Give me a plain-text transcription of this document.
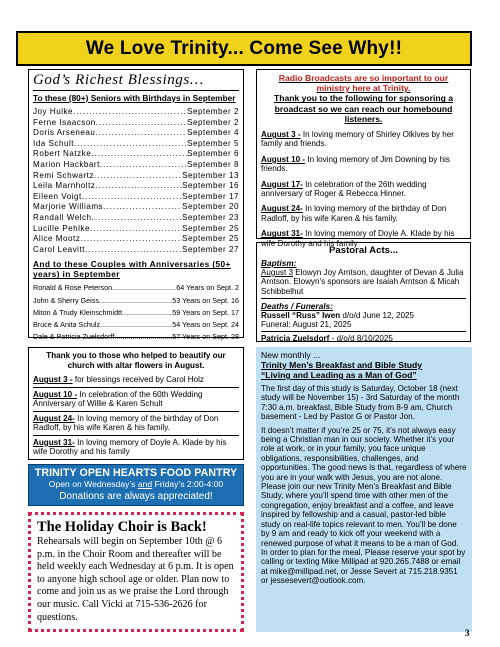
We Love Trinity... Come See Why!!
God’s Richest Blessings…
To these (80+) Seniors with Birthdays in September
Joy Hulke .....	September 2
Ferne Isaacson .....	September 2
Doris Arseneau .....	September 4
Ida Schult .....	September 5
Robert Natzke .....	September 6
Marion Hackbart .....	September 8
Remi Schwartz .....	September 13
Leila Marnholtz .....	September 16
Eileen Voigt .....	September 17
Marjorie Williams .....	September 20
Randall Welch .....	September 23
Lucille Pehlke .....	September 25
Alice Mootz .....	September 25
Carol Leavitt .....	September 27
And to these Couples with Anniversaries (50+ years) in September
Ronald & Rose Peterson .....	64 Years on Sept. 2
John & Sherry Geiss .....	53 Years on Sept. 16
Miton & Trudy Kleinschmidtt .....	59 Years on Sept. 17
Bruce & Anita Schulz .....	54 Years on Sept. 24
Dale & Patricia Zuelsdorff .....	57 Years on Sept. 28
Radio Broadcasts are so important to our ministry here at Trinity.
Thank you to the following for sponsoring a broadcast so we can reach our homebound listeners.

August 3 - In loving memory of Shirley Olkives by her family and friends.

August 10 - In loving memory of Jim Downing by his friends.

August 17- In celebration of the 26th wedding anniversary of Roger & Rebecca Hinner.

August 24- In loving memory of the birthday of Don Radloff, by his wife Karen & his family.

August 31- In loving memory of Doyle A. Klade by his wife Dorothy and his family

Pastoral Acts...
Baptism:
August 3 Elowyn Joy Arntson, daughter of Devan & Julia Arntson. Elowyn’s sponsors are Isaiah Arntson & Micah Schibbelhut
Deaths / Funerals:
Russell “Russ” Iwen d/o/d June 12, 2025
Funeral: August 21, 2025
Patricia Zuelsdorf - d/o/d 8/10/2025
Thank you to those who helped to beautify our church with altar flowers in August.
August 3 - for blessings received by Carol Holz
August 10 - In celebration of the 60th Wedding Anniversary of Willie & Karen Schult
August 24- In loving memory of the birthday of Don Radloff, by his wife Karen & his family.
August 31- In loving memory of Doyle A. Klade by his wife Dorothy and his family
TRINITY OPEN HEARTS FOOD PANTRY
Open on Wednesday’s and Friday’s 2:00-4:00
Donations are always appreciated!
The Holiday Choir is Back!
Rehearsals will begin on September 10th @ 6 p.m. in the Choir Room and thereafter will be held weekly each Wednesday at 6 p.m. It is open to anyone high school age or older. Plan now to come and join us as we praise the Lord through our music. Call Vicki at 715-536-2626 for questions.
New monthly ...
Trinity Men’s Breakfast and Bible Study
“Living and Leading as a Man of God”

The first day of this study is Saturday, October 18 (next study will be November 15) - 3rd Saturday of the month 7:30 a.m. breakfast, Bible Study from 8-9 am, Church basement - Led by Pastor G or Pastor Jon.

It doesn’t matter if you’re 25 or 75, it’s not always easy being a Christian man in our society. Whether it’s your role at work, or in your family, you face unique obligations, responsibilities, challenges, and opportunities. The good news is that, regardless of where you are in your walk with Jesus, you are not alone. Please join our new Trinity Men’s Breakfast and Bible Study, where you’ll spend time with other men of the congregation, enjoy breakfast and a coffee, and leave inspired by fellowship and a casual, pastor-led bible study on real-life topics relevant to men. You’ll be done by 9 am and ready to kick off your weekend with a renewed purpose of what it means to be a man of God. In order to plan for the meal, Please reserve your spot by calling or texting Mike Millipad at 920.265.7488 or email at mike@millipad.net, or Jesse Severt at 715.218.9351 or jessesevert@outlook.com.

3
